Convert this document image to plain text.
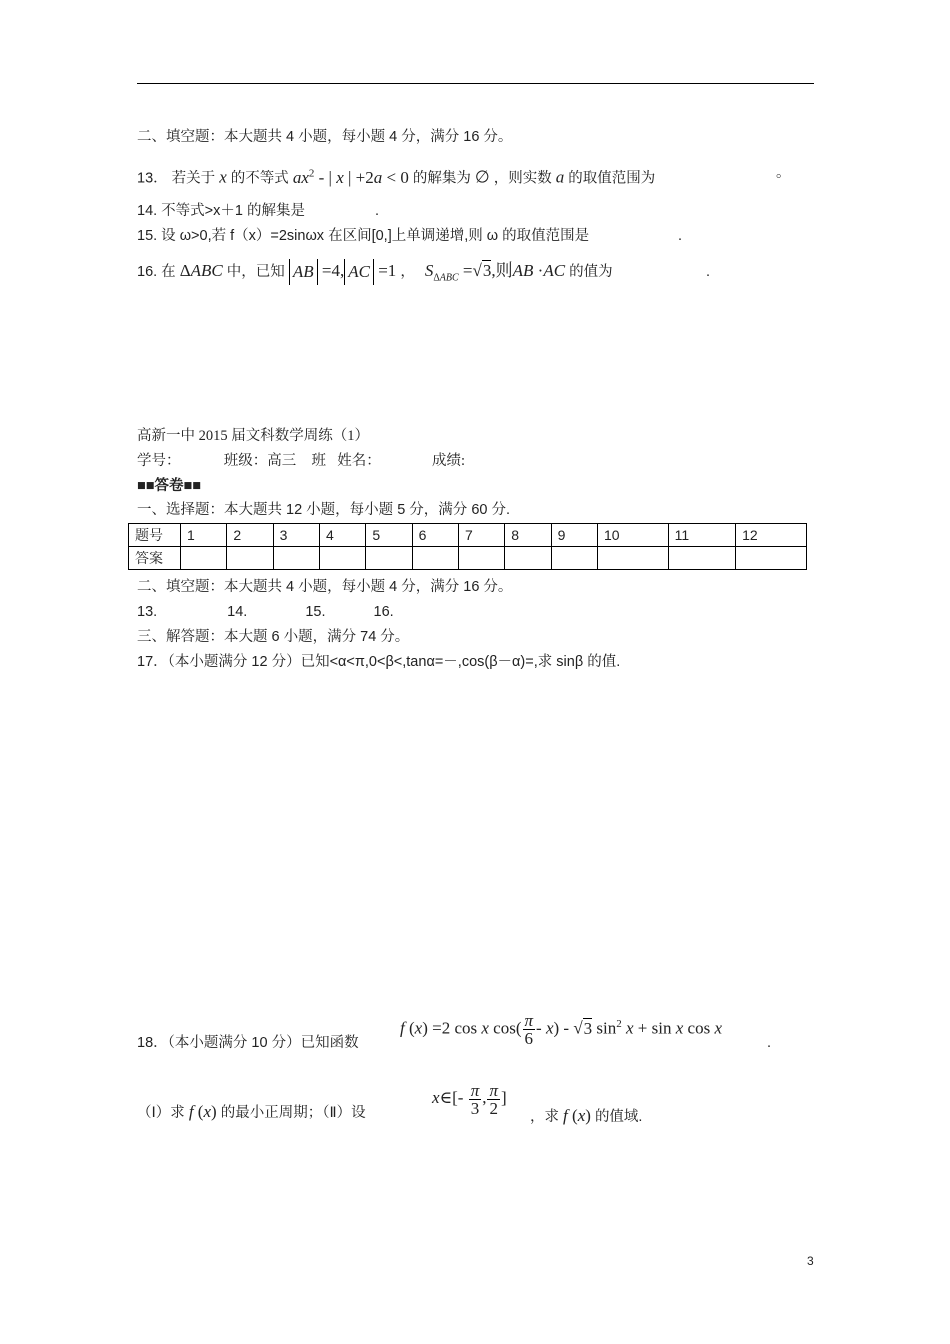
二、填空题：本大题共 4 小题，每小题 4 分，满分 16 分。
13． 若关于 x 的不等式 $ax^2$ - | x | +2a < 0 的解集为 ∅ ，则实数 a 的取值范围为	。
14. 不等式>x＋1 的解集是	.
15. 设 ω>0,若 f（x）=2sinωx 在区间[0,]上单调递增,则 ω 的取值范围是	.
16. 在 ΔABC 中，已知 AB =4, AC =1 ， $S_{\Delta ABC} =√3$,则AB ·AC 的值为	.
高新一中 2015 届文科数学周练（1）
学号：	班级：高三 班 姓名：	成绩:
■■答卷■■
一、选择题：本大题共 12 小题，每小题 5 分，满分 60 分.
题号	1	2	3	4	5	6	7	8	9	10	11	12
答案												
二、填空题：本大题共 4 小题，每小题 4 分，满分 16 分。
13.	14.	15.	16.
三、解答题：本大题 6 小题，满分 74 分。
17．（本小题满分 12 分）已知<α<π,0<β<,tanα=－,cos(β－α)=,求 sinβ 的值.
18．（本小题满分 10 分）已知函数
f (x) =2 cos x $\cos( \frac{\pi}{6} - x) - √3$ $\sin^2 x + \sin x$ cos x
.
（Ⅰ）求 f (x) 的最小正周期；（Ⅱ）设
x∈[- $\frac{\pi}{3}$ , $\frac{\pi}{2}$ ]
，求 f (x) 的值域.
3
